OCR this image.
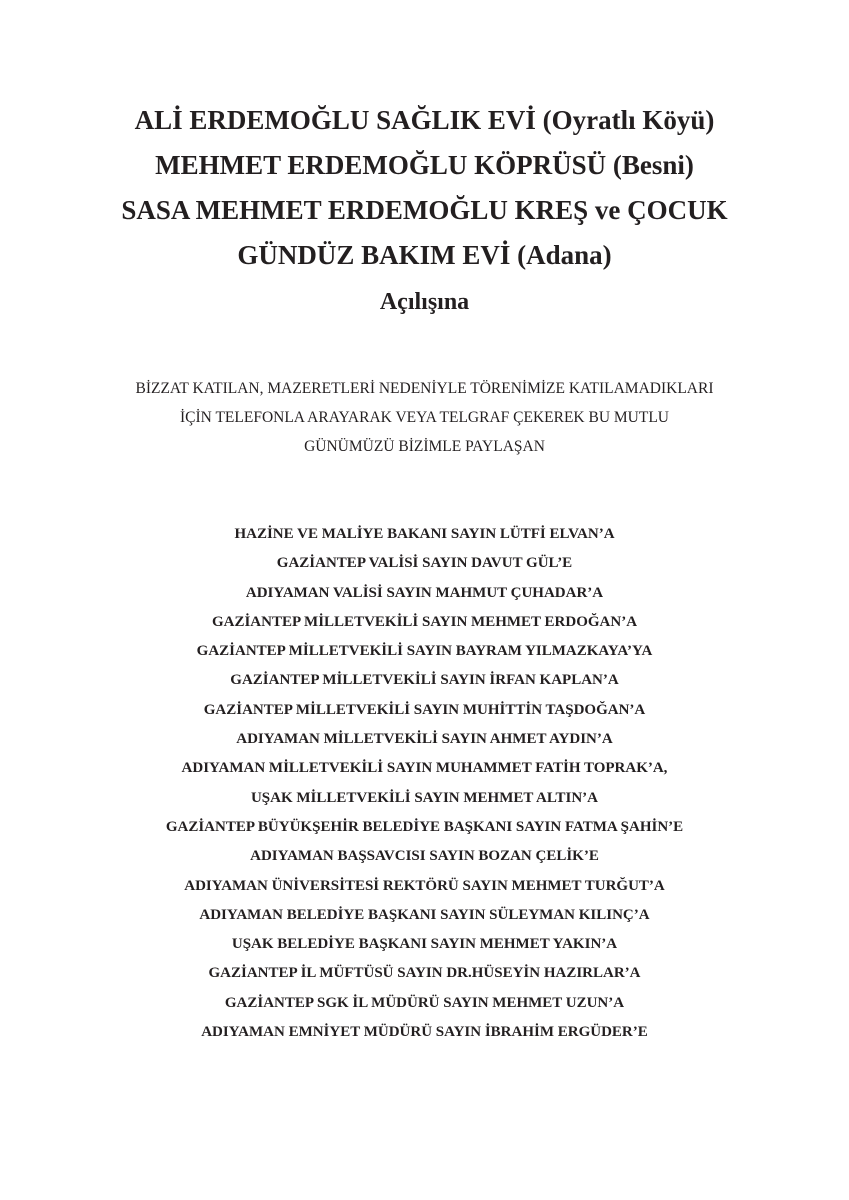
ALİ ERDEMOĞLU SAĞLIK EVİ (Oyratlı Köyü)
MEHMET ERDEMOĞLU KÖPRÜSÜ (Besni)
SASA MEHMET ERDEMOĞLU KREŞ ve ÇOCUK
GÜNDÜZ BAKIM EVİ (Adana)
Açılışına
BİZZAT KATILAN, MAZERETLERİ NEDENİYLE TÖRENİMİZE KATILAMADIKLARI
İÇİN TELEFONLA ARAYARAK VEYA TELGRAF ÇEKEREK BU MUTLU
GÜNÜMÜZÜ BİZİMLE PAYLAŞAN
HAZİNE VE MALİYE BAKANI SAYIN LÜTFİ ELVAN’A
GAZİANTEP VALİSİ SAYIN DAVUT GÜL’E
ADIYAMAN VALİSİ SAYIN MAHMUT ÇUHADAR’A
GAZİANTEP MİLLETVEKİLİ SAYIN MEHMET ERDOĞAN’A
GAZİANTEP MİLLETVEKİLİ SAYIN BAYRAM YILMAZKAYA’YA
GAZİANTEP MİLLETVEKİLİ SAYIN İRFAN KAPLAN’A
GAZİANTEP MİLLETVEKİLİ SAYIN MUHİTTİN TAŞDOĞAN’A
ADIYAMAN MİLLETVEKİLİ SAYIN AHMET AYDIN’A
ADIYAMAN MİLLETVEKİLİ SAYIN MUHAMMET FATİH TOPRAK’A,
UŞAK MİLLETVEKİLİ SAYIN MEHMET ALTIN’A
GAZİANTEP BÜYÜKŞEHİR BELEDİYE BAŞKANI SAYIN FATMA ŞAHİN’E
ADIYAMAN BAŞSAVCISI SAYIN BOZAN ÇELİK’E
ADIYAMAN ÜNİVERSİTESİ REKTÖRÜ SAYIN MEHMET TURĞUT’A
ADIYAMAN BELEDİYE BAŞKANI SAYIN SÜLEYMAN KILINÇ’A
UŞAK BELEDİYE BAŞKANI SAYIN MEHMET YAKIN’A
GAZİANTEP İL MÜFTÜSÜ SAYIN DR.HÜSEYİN HAZIRLAR’A
GAZİANTEP SGK İL MÜDÜRÜ SAYIN MEHMET UZUN’A
ADIYAMAN EMNİYET MÜDÜRÜ SAYIN İBRAHİM ERGÜDER’E
